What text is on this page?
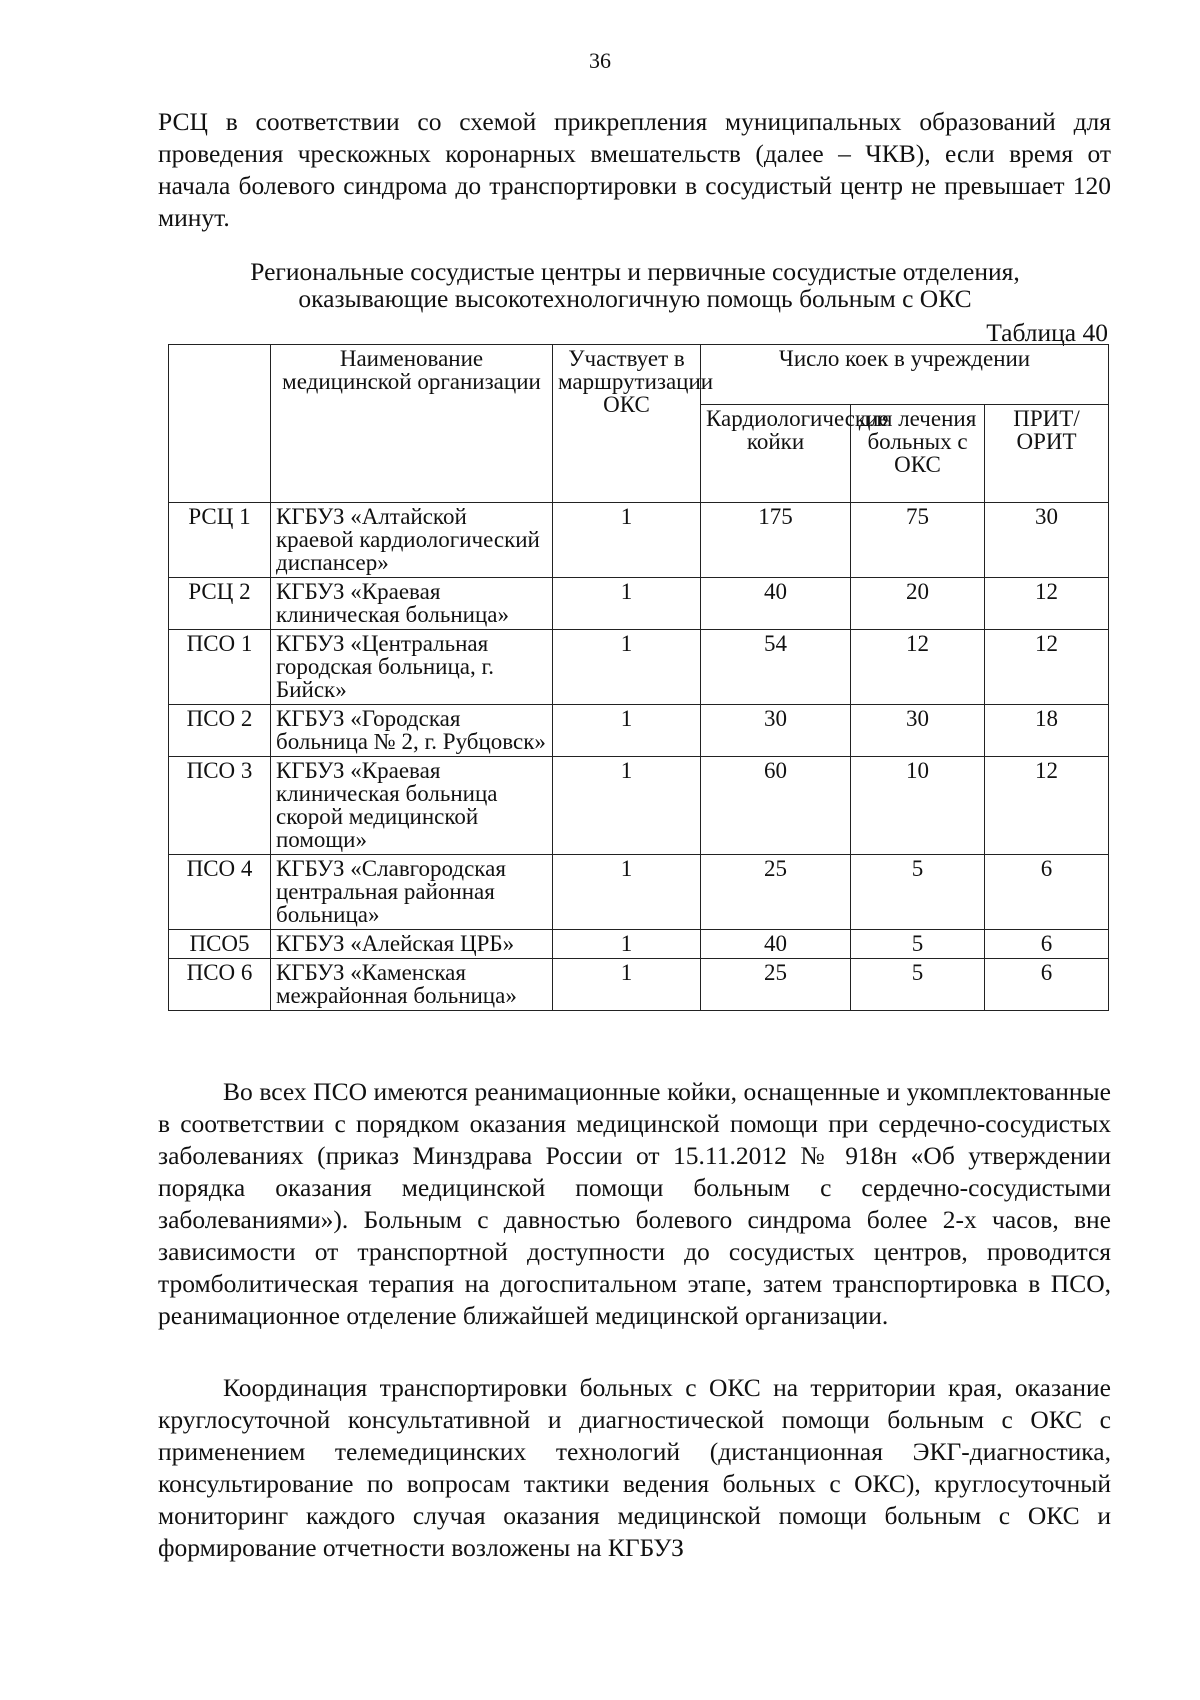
36

РСЦ в соответствии со схемой прикрепления муниципальных образований для проведения чрескожных коронарных вмешательств (далее – ЧКВ), если время от начала болевого синдрома до транспортировки в сосудистый центр не превышает 120 минут.

Региональные сосудистые центры и первичные сосудистые отделения,
оказывающие высокотехнологичную помощь больным с ОКС
Таблица 40
	Наименование медицинской организации	Участвует в маршрутизации ОКС	Число коек в учреждении		
			Кардиологические койки	для лечения больных с ОКС	ПРИТ/ ОРИТ
РСЦ 1	КГБУЗ «Алтайской краевой кардиологический диспансер»	1	175	75	30
РСЦ 2	КГБУЗ «Краевая клиническая больница»	1	40	20	12
ПСО 1	КГБУЗ «Центральная городская больница, г. Бийск»	1	54	12	12
ПСО 2	КГБУЗ «Городская больница № 2, г. Рубцовск»	1	30	30	18
ПСО 3	КГБУЗ «Краевая клиническая больница скорой медицинской помощи»	1	60	10	12
ПСО 4	КГБУЗ «Славгородская центральная районная больница»	1	25	5	6
ПСО5	КГБУЗ «Алейская ЦРБ»	1	40	5	6
ПСО 6	КГБУЗ «Каменская межрайонная больница»	1	25	5	6

Во всех ПСО имеются реанимационные койки, оснащенные и укомплектованные в соответствии с порядком оказания медицинской помощи при сердечно-сосудистых заболеваниях (приказ Минздрава России от 15.11.2012 № 918н «Об утверждении порядка оказания медицинской помощи больным с сердечно-сосудистыми заболеваниями»). Больным с давностью болевого синдрома более 2-х часов, вне зависимости от транспортной доступности до сосудистых центров, проводится тромболитическая терапия на догоспитальном этапе, затем транспортировка в ПСО, реанимационное отделение ближайшей медицинской организации.

Координация транспортировки больных с ОКС на территории края, оказание круглосуточной консультативной и диагностической помощи больным с ОКС с применением телемедицинских технологий (дистанционная ЭКГ-диагностика, консультирование по вопросам тактики ведения больных с ОКС), круглосуточный мониторинг каждого случая оказания медицинской помощи больным с ОКС и формирование отчетности возложены на КГБУЗ
